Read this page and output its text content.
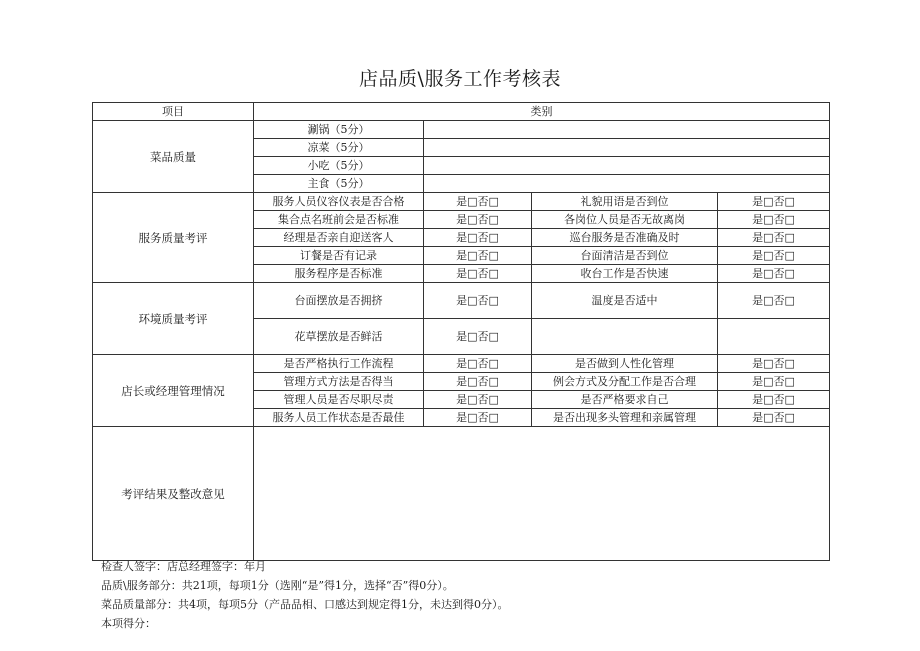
店品质\服务工作考核表
项目	类别			
菜品质量	涮锅（5分）			
	凉菜（5分）			
	小吃（5分）			
	主食（5分）			
服务质量考评	服务人员仪容仪表是否合格	是□否□	礼貌用语是否到位	是□否□
	集合点名班前会是否标准	是□否□	各岗位人员是否无故离岗	是□否□
	经理是否亲自迎送客人	是□否□	巡台服务是否准确及时	是□否□
	订餐是否有记录	是□否□	台面清洁是否到位	是□否□
	服务程序是否标准	是□否□	收台工作是否快速	是□否□
环境质量考评	台面摆放是否拥挤	是□否□	温度是否适中	是□否□
	花草摆放是否鲜活	是□否□		
店长或经理管理情况	是否严格执行工作流程	是□否□	是否做到人性化管理	是□否□
	管理方式方法是否得当	是□否□	例会方式及分配工作是否合理	是□否□
	管理人员是否尽职尽责	是□否□	是否严格要求自己	是□否□
	服务人员工作状态是否最佳	是□否□	是否出现多头管理和亲属管理	是□否□
考评结果及整改意见				
检查人签字：店总经理签字：年月
品质\服务部分：共21项，每项1分（选刚“是”得1分，选择“否”得0分）。
菜品质量部分：共4项，每项5分（产品品相、口感达到规定得1分，未达到得0分）。
本项得分：
